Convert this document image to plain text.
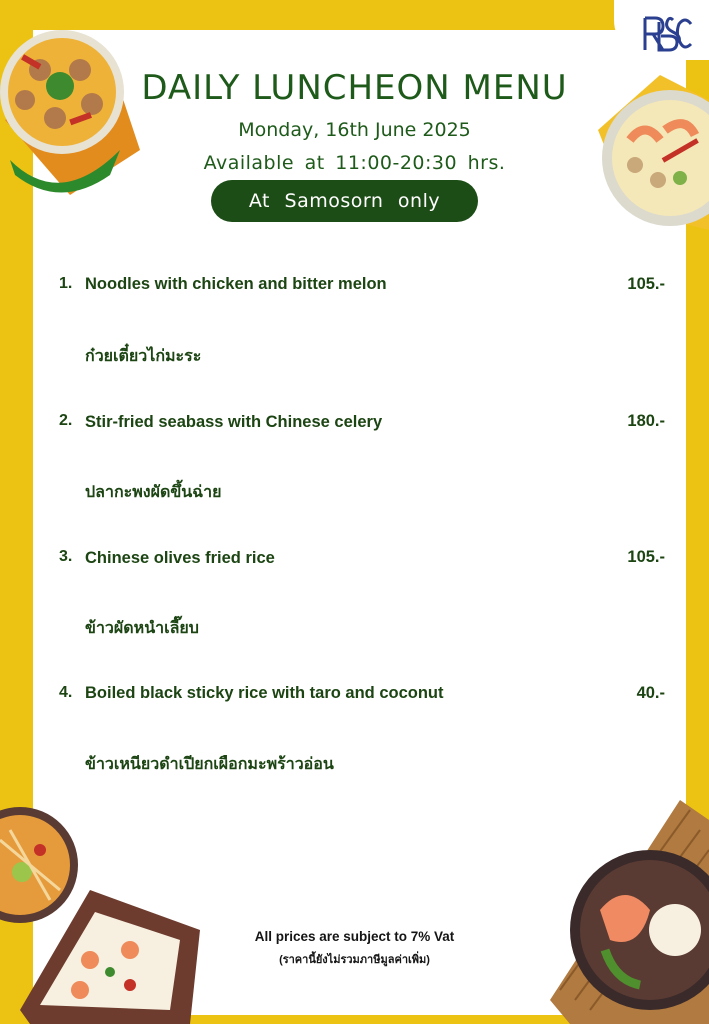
DAILY LUNCHEON MENU
Monday, 16th June 2025
Available at 11:00-20:30 hrs.
At Samosorn only
1. Noodles with chicken and bitter melon	105.-
ก๋วยเตี๋ยวไก่มะระ
2. Stir-fried seabass with Chinese celery	180.-
ปลากะพงผัดขึ้นฉ่าย
3. Chinese olives fried rice	105.-
ข้าวผัดหนำเลี๊ยบ
4. Boiled black sticky rice with taro and coconut	40.-
ข้าวเหนียวดำเปียกเผือกมะพร้าวอ่อน
All prices are subject to 7% Vat
(ราคานี้ยังไม่รวมภาษีมูลค่าเพิ่ม)
